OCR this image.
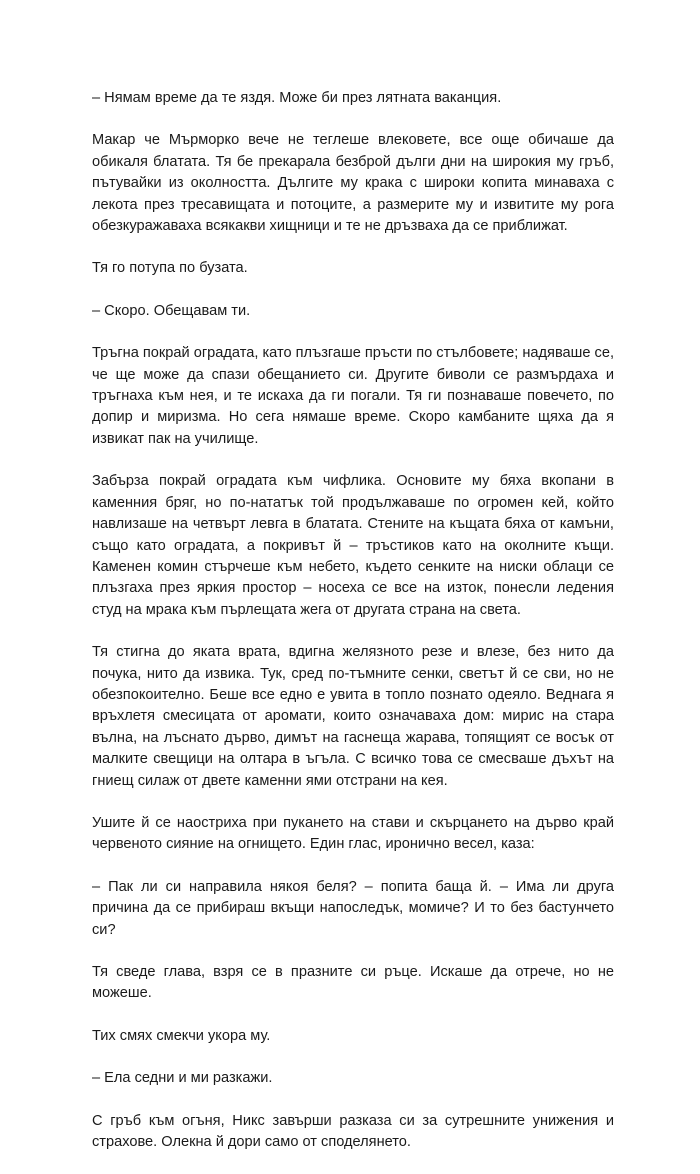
– Нямам време да те яздя. Може би през лятната ваканция.

Макар че Мърморко вече не теглеше влековете, все още обичаше да обикаля блатата. Тя бе прекарала безброй дълги дни на широкия му гръб, пътувайки из околността. Дългите му крака с широки копита минаваха с лекота през тресавищата и потоците, а размерите му и извитите му рога обезкуражаваха всякакви хищници и те не дръзваха да се приближат.

Тя го потупа по бузата.

– Скоро. Обещавам ти.

Тръгна покрай оградата, като плъзгаше пръсти по стълбовете; надяваше се, че ще може да спази обещанието си. Другите биволи се размърдаха и тръгнаха към нея, и те искаха да ги погали. Тя ги познаваше повечето, по допир и миризма. Но сега нямаше време. Скоро камбаните щяха да я извикат пак на училище.

Забърза покрай оградата към чифлика. Основите му бяха вкопани в каменния бряг, но по-нататък той продължаваше по огромен кей, който навлизаше на четвърт левга в блатата. Стените на къщата бяха от камъни, също като оградата, а покривът й – тръстиков като на околните къщи. Каменен комин стърчеше към небето, където сенките на ниски облаци се плъзгаха през яркия простор – носеха се все на изток, понесли ледения студ на мрака към пърлещата жега от другата страна на света.

Тя стигна до яката врата, вдигна желязното резе и влезе, без нито да почука, нито да извика. Тук, сред по-тъмните сенки, светът й се сви, но не обезпокоително. Беше все едно е увита в топло познато одеяло. Веднага я връхлетя смесицата от аромати, които означаваха дом: мирис на стара вълна, на лъснато дърво, димът на гаснеща жарава, топящият се восък от малките свещици на олтара в ъгъла. С всичко това се смесваше дъхът на гниещ силаж от двете каменни ями отстрани на кея.

Ушите й се наостриха при пукането на стави и скърцането на дърво край червеното сияние на огнището. Един глас, иронично весел, каза:

– Пак ли си направила някоя беля? – попита баща й. – Има ли друга причина да се прибираш вкъщи напоследък, момиче? И то без бастунчето си?

Тя сведе глава, взря се в празните си ръце. Искаше да отрече, но не можеше.

Тих смях смекчи укора му.

– Ела седни и ми разкажи.

С гръб към огъня, Никс завърши разказа си за сутрешните унижения и страхове. Олекна й дори само от споделянето.
